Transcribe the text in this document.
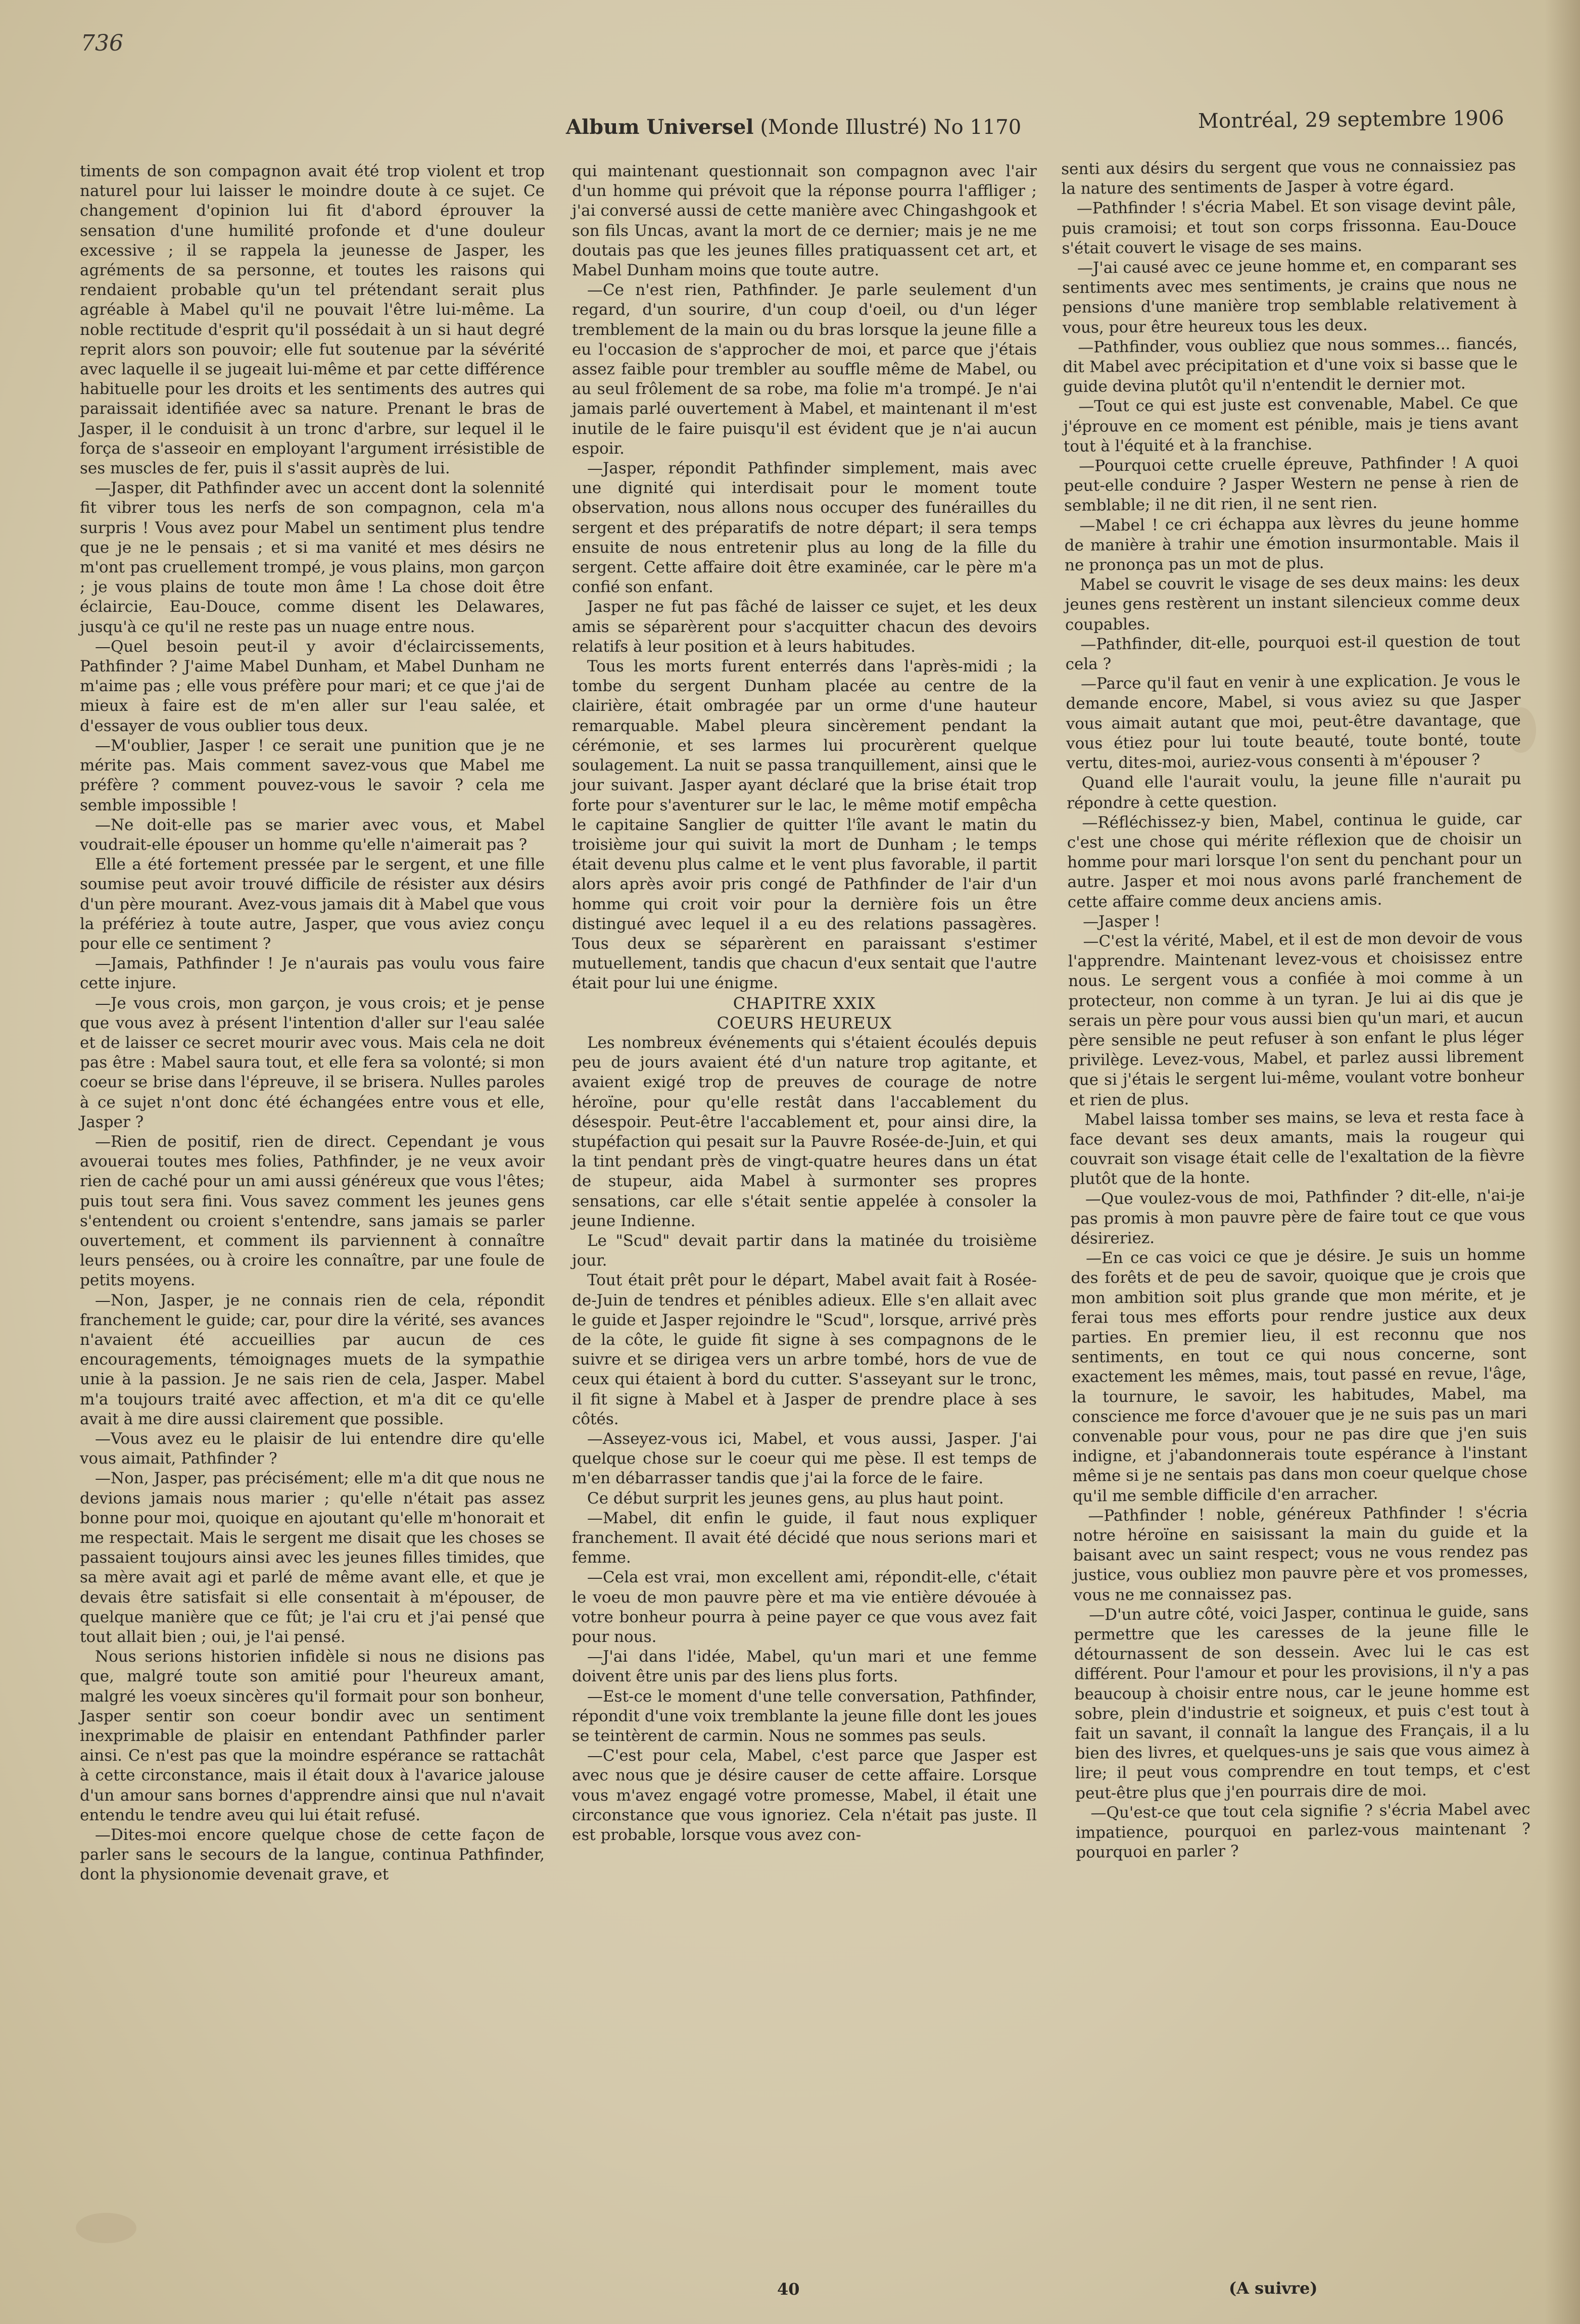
736
Album Universel (Monde Illustré) No 1170	Montréal, 29 septembre 1906

timents de son compagnon avait été trop violent et trop naturel pour lui laisser le moindre doute à ce sujet. Ce changement d'opinion lui fit d'abord éprouver la sensation d'une humilité profonde et d'une douleur excessive ; il se rappela la jeunesse de Jasper, les agréments de sa personne, et toutes les raisons qui rendaient probable qu'un tel prétendant serait plus agréable à Mabel qu'il ne pouvait l'être lui-même. La noble rectitude d'esprit qu'il possédait à un si haut degré reprit alors son pouvoir; elle fut soutenue par la sévérité avec laquelle il se jugeait lui-même et par cette différence habituelle pour les droits et les sentiments des autres qui paraissait identifiée avec sa nature. Prenant le bras de Jasper, il le conduisit à un tronc d'arbre, sur lequel il le força de s'asseoir en employant l'argument irrésistible de ses muscles de fer, puis il s'assit auprès de lui.

—Jasper, dit Pathfinder avec un accent dont la solennité fit vibrer tous les nerfs de son compagnon, cela m'a surpris ! Vous avez pour Mabel un sentiment plus tendre que je ne le pensais ; et si ma vanité et mes désirs ne m'ont pas cruellement trompé, je vous plains, mon garçon ; je vous plains de toute mon âme ! La chose doit être éclaircie, Eau-Douce, comme disent les Delawares, jusqu'à ce qu'il ne reste pas un nuage entre nous.

—Quel besoin peut-il y avoir d'éclaircissements, Pathfinder ? J'aime Mabel Dunham, et Mabel Dunham ne m'aime pas ; elle vous préfère pour mari; et ce que j'ai de mieux à faire est de m'en aller sur l'eau salée, et d'essayer de vous oublier tous deux.

—M'oublier, Jasper ! ce serait une punition que je ne mérite pas. Mais comment savez-vous que Mabel me préfère ? comment pouvez-vous le savoir ? cela me semble impossible !

—Ne doit-elle pas se marier avec vous, et Mabel voudrait-elle épouser un homme qu'elle n'aimerait pas ?

Elle a été fortement pressée par le sergent, et une fille soumise peut avoir trouvé difficile de résister aux désirs d'un père mourant. Avez-vous jamais dit à Mabel que vous la préfériez à toute autre, Jasper, que vous aviez conçu pour elle ce sentiment ?

—Jamais, Pathfinder ! Je n'aurais pas voulu vous faire cette injure.

—Je vous crois, mon garçon, je vous crois; et je pense que vous avez à présent l'intention d'aller sur l'eau salée et de laisser ce secret mourir avec vous. Mais cela ne doit pas être : Mabel saura tout, et elle fera sa volonté; si mon coeur se brise dans l'épreuve, il se brisera. Nulles paroles à ce sujet n'ont donc été échangées entre vous et elle, Jasper ?

—Rien de positif, rien de direct. Cependant je vous avouerai toutes mes folies, Pathfinder, je ne veux avoir rien de caché pour un ami aussi généreux que vous l'êtes; puis tout sera fini. Vous savez comment les jeunes gens s'entendent ou croient s'entendre, sans jamais se parler ouvertement, et comment ils parviennent à connaître leurs pensées, ou à croire les connaître, par une foule de petits moyens.

—Non, Jasper, je ne connais rien de cela, répondit franchement le guide; car, pour dire la vérité, ses avances n'avaient été accueillies par aucun de ces encouragements, témoignages muets de la sympathie unie à la passion. Je ne sais rien de cela, Jasper. Mabel m'a toujours traité avec affection, et m'a dit ce qu'elle avait à me dire aussi clairement que possible.

—Vous avez eu le plaisir de lui entendre dire qu'elle vous aimait, Pathfinder ?

—Non, Jasper, pas précisément; elle m'a dit que nous ne devions jamais nous marier ; qu'elle n'était pas assez bonne pour moi, quoique en ajoutant qu'elle m'honorait et me respectait. Mais le sergent me disait que les choses se passaient toujours ainsi avec les jeunes filles timides, que sa mère avait agi et parlé de même avant elle, et que je devais être satisfait si elle consentait à m'épouser, de quelque manière que ce fût; je l'ai cru et j'ai pensé que tout allait bien ; oui, je l'ai pensé.

Nous serions historien infidèle si nous ne disions pas que, malgré toute son amitié pour l'heureux amant, malgré les voeux sincères qu'il formait pour son bonheur, Jasper sentir son coeur bondir avec un sentiment inexprimable de plaisir en entendant Pathfinder parler ainsi. Ce n'est pas que la moindre espérance se rattachât à cette circonstance, mais il était doux à l'avarice jalouse d'un amour sans bornes d'apprendre ainsi que nul n'avait entendu le tendre aveu qui lui était refusé.

—Dites-moi encore quelque chose de cette façon de parler sans le secours de la langue, continua Pathfinder, dont la physionomie devenait grave, et

qui maintenant questionnait son compagnon avec l'air d'un homme qui prévoit que la réponse pourra l'affliger ; j'ai conversé aussi de cette manière avec Chingashgook et son fils Uncas, avant la mort de ce dernier; mais je ne me doutais pas que les jeunes filles pratiquassent cet art, et Mabel Dunham moins que toute autre.

—Ce n'est rien, Pathfinder. Je parle seulement d'un regard, d'un sourire, d'un coup d'oeil, ou d'un léger tremblement de la main ou du bras lorsque la jeune fille a eu l'occasion de s'approcher de moi, et parce que j'étais assez faible pour trembler au souffle même de Mabel, ou au seul frôlement de sa robe, ma folie m'a trompé. Je n'ai jamais parlé ouvertement à Mabel, et maintenant il m'est inutile de le faire puisqu'il est évident que je n'ai aucun espoir.

—Jasper, répondit Pathfinder simplement, mais avec une dignité qui interdisait pour le moment toute observation, nous allons nous occuper des funérailles du sergent et des préparatifs de notre départ; il sera temps ensuite de nous entretenir plus au long de la fille du sergent. Cette affaire doit être examinée, car le père m'a confié son enfant.

Jasper ne fut pas fâché de laisser ce sujet, et les deux amis se séparèrent pour s'acquitter chacun des devoirs relatifs à leur position et à leurs habitudes.

Tous les morts furent enterrés dans l'après-midi ; la tombe du sergent Dunham placée au centre de la clairière, était ombragée par un orme d'une hauteur remarquable. Mabel pleura sincèrement pendant la cérémonie, et ses larmes lui procurèrent quelque soulagement. La nuit se passa tranquillement, ainsi que le jour suivant. Jasper ayant déclaré que la brise était trop forte pour s'aventurer sur le lac, le même motif empêcha le capitaine Sanglier de quitter l'île avant le matin du troisième jour qui suivit la mort de Dunham ; le temps était devenu plus calme et le vent plus favorable, il partit alors après avoir pris congé de Pathfinder de l'air d'un homme qui croit voir pour la dernière fois un être distingué avec lequel il a eu des relations passagères. Tous deux se séparèrent en paraissant s'estimer mutuellement, tandis que chacun d'eux sentait que l'autre était pour lui une énigme.

CHAPITRE XXIX

COEURS HEUREUX

Les nombreux événements qui s'étaient écoulés depuis peu de jours avaient été d'un nature trop agitante, et avaient exigé trop de preuves de courage de notre héroïne, pour qu'elle restât dans l'accablement du désespoir. Peut-être l'accablement et, pour ainsi dire, la stupéfaction qui pesait sur la Pauvre Rosée-de-Juin, et qui la tint pendant près de vingt-quatre heures dans un état de stupeur, aida Mabel à surmonter ses propres sensations, car elle s'était sentie appelée à consoler la jeune Indienne.

Le "Scud" devait partir dans la matinée du troisième jour.

Tout était prêt pour le départ, Mabel avait fait à Rosée-de-Juin de tendres et pénibles adieux. Elle s'en allait avec le guide et Jasper rejoindre le "Scud", lorsque, arrivé près de la côte, le guide fit signe à ses compagnons de le suivre et se dirigea vers un arbre tombé, hors de vue de ceux qui étaient à bord du cutter. S'asseyant sur le tronc, il fit signe à Mabel et à Jasper de prendre place à ses côtés.

—Asseyez-vous ici, Mabel, et vous aussi, Jasper. J'ai quelque chose sur le coeur qui me pèse. Il est temps de m'en débarrasser tandis que j'ai la force de le faire.

Ce début surprit les jeunes gens, au plus haut point.

—Mabel, dit enfin le guide, il faut nous expliquer franchement. Il avait été décidé que nous serions mari et femme.

—Cela est vrai, mon excellent ami, répondit-elle, c'était le voeu de mon pauvre père et ma vie entière dévouée à votre bonheur pourra à peine payer ce que vous avez fait pour nous.

—J'ai dans l'idée, Mabel, qu'un mari et une femme doivent être unis par des liens plus forts.

—Est-ce le moment d'une telle conversation, Pathfinder, répondit d'une voix tremblante la jeune fille dont les joues se teintèrent de carmin. Nous ne sommes pas seuls.

—C'est pour cela, Mabel, c'est parce que Jasper est avec nous que je désire causer de cette affaire. Lorsque vous m'avez engagé votre promesse, Mabel, il était une circonstance que vous ignoriez. Cela n'était pas juste. Il est probable, lorsque vous avez con-

senti aux désirs du sergent que vous ne connaissiez pas la nature des sentiments de Jasper à votre égard.

—Pathfinder ! s'écria Mabel. Et son visage devint pâle, puis cramoisi; et tout son corps frissonna. Eau-Douce s'était couvert le visage de ses mains.

—J'ai causé avec ce jeune homme et, en comparant ses sentiments avec mes sentiments, je crains que nous ne pensions d'une manière trop semblable relativement à vous, pour être heureux tous les deux.

—Pathfinder, vous oubliez que nous sommes... fiancés, dit Mabel avec précipitation et d'une voix si basse que le guide devina plutôt qu'il n'entendit le dernier mot.

—Tout ce qui est juste est convenable, Mabel. Ce que j'éprouve en ce moment est pénible, mais je tiens avant tout à l'équité et à la franchise.

—Pourquoi cette cruelle épreuve, Pathfinder ! A quoi peut-elle conduire ? Jasper Western ne pense à rien de semblable; il ne dit rien, il ne sent rien.

—Mabel ! ce cri échappa aux lèvres du jeune homme de manière à trahir une émotion insurmontable. Mais il ne prononça pas un mot de plus.

Mabel se couvrit le visage de ses deux mains: les deux jeunes gens restèrent un instant silencieux comme deux coupables.

—Pathfinder, dit-elle, pourquoi est-il question de tout cela ?

—Parce qu'il faut en venir à une explication. Je vous le demande encore, Mabel, si vous aviez su que Jasper vous aimait autant que moi, peut-être davantage, que vous étiez pour lui toute beauté, toute bonté, toute vertu, dites-moi, auriez-vous consenti à m'épouser ?

Quand elle l'aurait voulu, la jeune fille n'aurait pu répondre à cette question.

—Réfléchissez-y bien, Mabel, continua le guide, car c'est une chose qui mérite réflexion que de choisir un homme pour mari lorsque l'on sent du penchant pour un autre. Jasper et moi nous avons parlé franchement de cette affaire comme deux anciens amis.

—Jasper !

—C'est la vérité, Mabel, et il est de mon devoir de vous l'apprendre. Maintenant levez-vous et choisissez entre nous. Le sergent vous a confiée à moi comme à un protecteur, non comme à un tyran. Je lui ai dis que je serais un père pour vous aussi bien qu'un mari, et aucun père sensible ne peut refuser à son enfant le plus léger privilège. Levez-vous, Mabel, et parlez aussi librement que si j'étais le sergent lui-même, voulant votre bonheur et rien de plus.

Mabel laissa tomber ses mains, se leva et resta face à face devant ses deux amants, mais la rougeur qui couvrait son visage était celle de l'exaltation de la fièvre plutôt que de la honte.

—Que voulez-vous de moi, Pathfinder ? dit-elle, n'ai-je pas promis à mon pauvre père de faire tout ce que vous désireriez.

—En ce cas voici ce que je désire. Je suis un homme des forêts et de peu de savoir, quoique que je crois que mon ambition soit plus grande que mon mérite, et je ferai tous mes efforts pour rendre justice aux deux parties. En premier lieu, il est reconnu que nos sentiments, en tout ce qui nous concerne, sont exactement les mêmes, mais, tout passé en revue, l'âge, la tournure, le savoir, les habitudes, Mabel, ma conscience me force d'avouer que je ne suis pas un mari convenable pour vous, pour ne pas dire que j'en suis indigne, et j'abandonnerais toute espérance à l'instant même si je ne sentais pas dans mon coeur quelque chose qu'il me semble difficile d'en arracher.

—Pathfinder ! noble, généreux Pathfinder ! s'écria notre héroïne en saisissant la main du guide et la baisant avec un saint respect; vous ne vous rendez pas justice, vous oubliez mon pauvre père et vos promesses, vous ne me connaissez pas.

—D'un autre côté, voici Jasper, continua le guide, sans permettre que les caresses de la jeune fille le détournassent de son dessein. Avec lui le cas est différent. Pour l'amour et pour les provisions, il n'y a pas beaucoup à choisir entre nous, car le jeune homme est sobre, plein d'industrie et soigneux, et puis c'est tout à fait un savant, il connaît la langue des Français, il a lu bien des livres, et quelques-uns je sais que vous aimez à lire; il peut vous comprendre en tout temps, et c'est peut-être plus que j'en pourrais dire de moi.

—Qu'est-ce que tout cela signifie ? s'écria Mabel avec impatience, pourquoi en parlez-vous maintenant ? pourquoi en parler ?

40	(A suivre)
